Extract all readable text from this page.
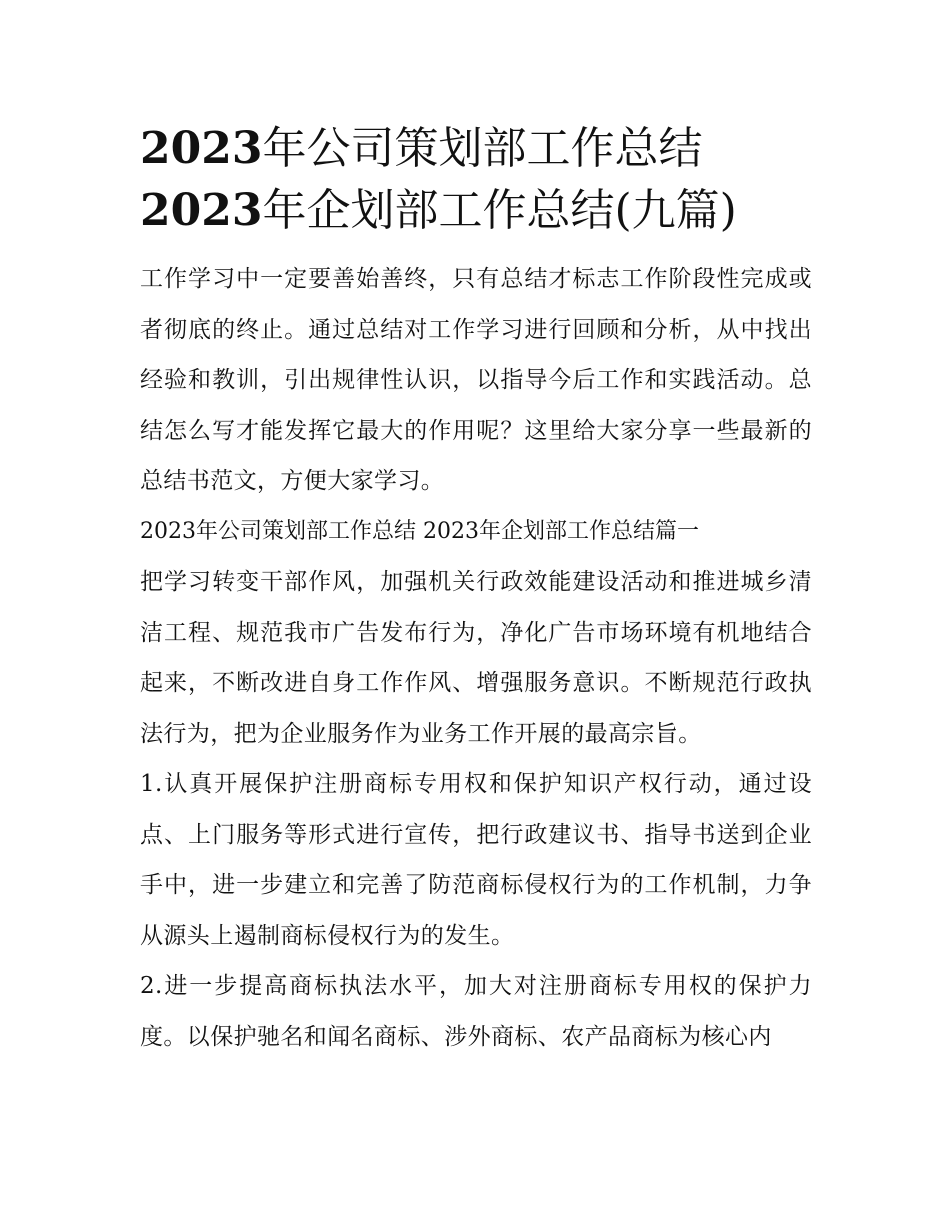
2023年公司策划部工作总结
2023年企划部工作总结(九篇)

工作学习中一定要善始善终，只有总结才标志工作阶段性完成或者彻底的终止。通过总结对工作学习进行回顾和分析，从中找出经验和教训，引出规律性认识，以指导今后工作和实践活动。总结怎么写才能发挥它最大的作用呢？这里给大家分享一些最新的总结书范文，方便大家学习。

2023年公司策划部工作总结 2023年企划部工作总结篇一

把学习转变干部作风，加强机关行政效能建设活动和推进城乡清洁工程、规范我市广告发布行为，净化广告市场环境有机地结合起来，不断改进自身工作作风、增强服务意识。不断规范行政执法行为，把为企业服务作为业务工作开展的最高宗旨。

1.认真开展保护注册商标专用权和保护知识产权行动，通过设点、上门服务等形式进行宣传，把行政建议书、指导书送到企业手中，进一步建立和完善了防范商标侵权行为的工作机制，力争从源头上遏制商标侵权行为的发生。

2.进一步提高商标执法水平，加大对注册商标专用权的保护力度。以保护驰名和闻名商标、涉外商标、农产品商标为核心内
